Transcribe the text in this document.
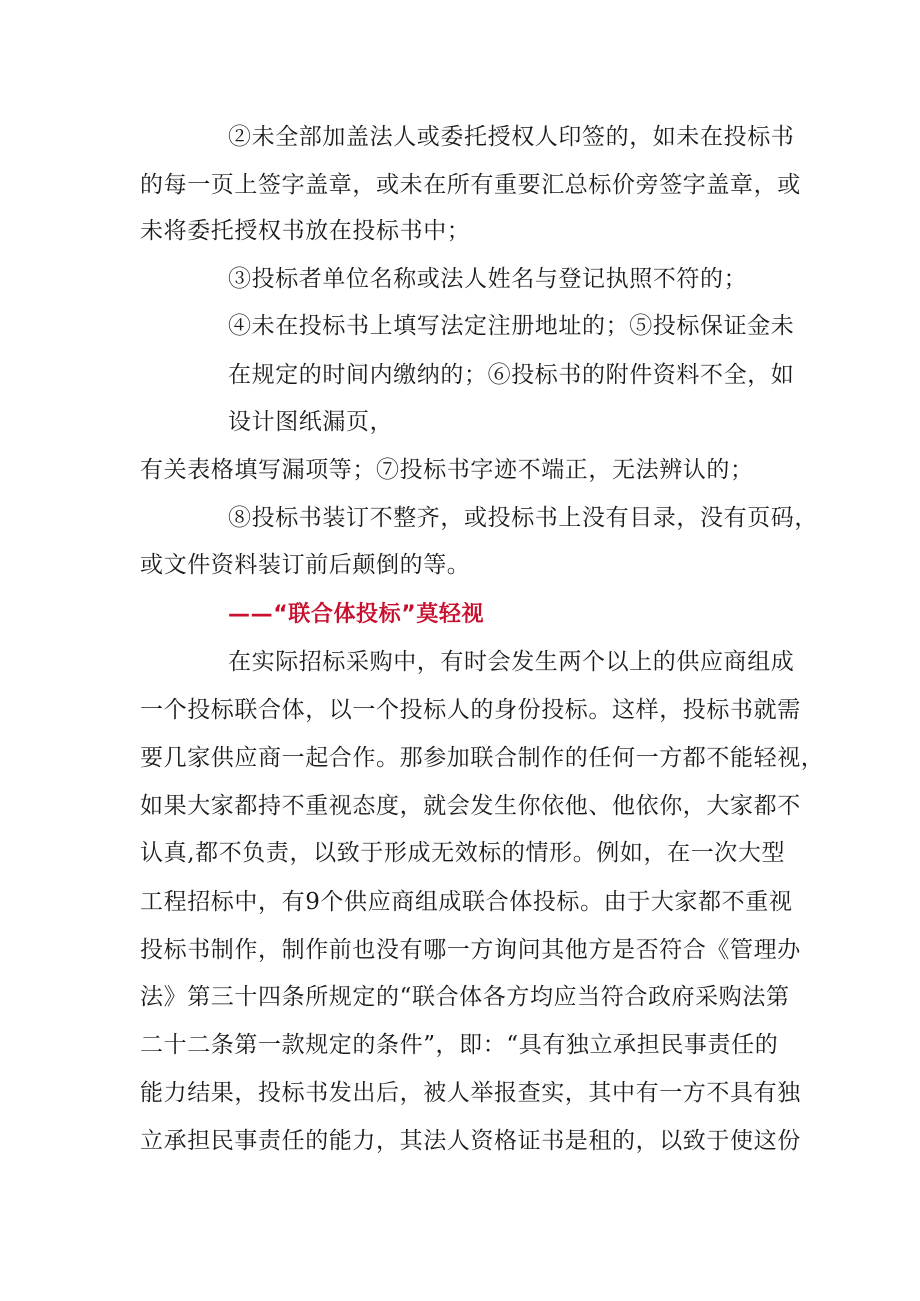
②未全部加盖法人或委托授权人印签的，如未在投标书

的每一页上签字盖章，或未在所有重要汇总标价旁签字盖章，或

未将委托授权书放在投标书中；

③投标者单位名称或法人姓名与登记执照不符的；

④未在投标书上填写法定注册地址的；⑤投标保证金未

在规定的时间内缴纳的；⑥投标书的附件资料不全，如

设计图纸漏页，

有关表格填写漏项等；⑦投标书字迹不端正，无法辨认的；

⑧投标书装订不整齐，或投标书上没有目录，没有页码，

或文件资料装订前后颠倒的等。

——“联合体投标”莫轻视

在实际招标采购中，有时会发生两个以上的供应商组成

一个投标联合体，以一个投标人的身份投标。这样，投标书就需

要几家供应商一起合作。那参加联合制作的任何一方都不能轻视，

如果大家都持不重视态度，就会发生你依他、他依你，大家都不

认真,都不负责，以致于形成无效标的情形。例如，在一次大型

工程招标中，有9个供应商组成联合体投标。由于大家都不重视

投标书制作，制作前也没有哪一方询问其他方是否符合《管理办

法》第三十四条所规定的“联合体各方均应当符合政府采购法第

二十二条第一款规定的条件”，即：“具有独立承担民事责任的

能力结果，投标书发出后，被人举报查实，其中有一方不具有独

立承担民事责任的能力，其法人资格证书是租的，以致于使这份
